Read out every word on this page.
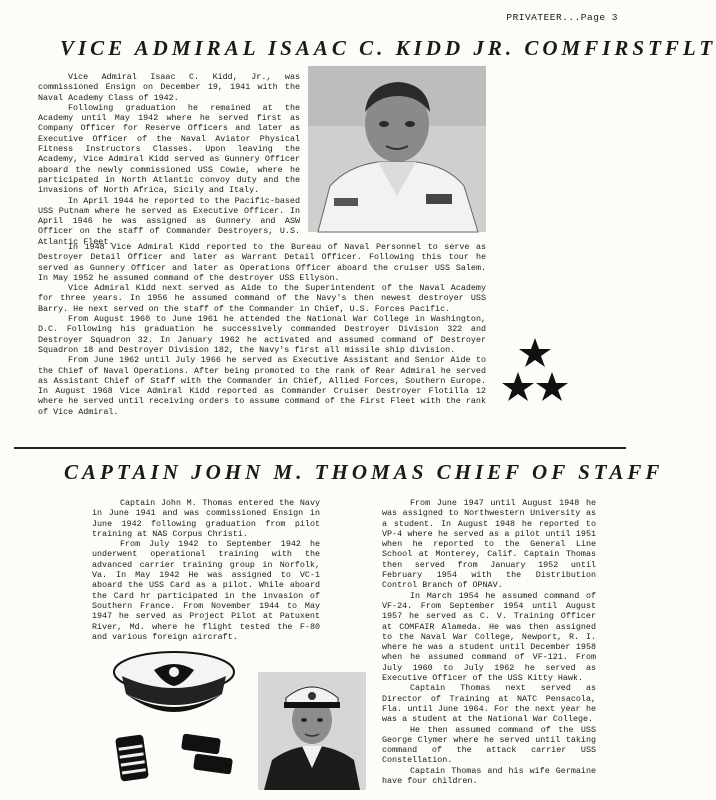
PRIVATEER...Page 3
VICE ADMIRAL ISAAC C. KIDD JR. COMFIRSTFLT

Vice Admiral Isaac C. Kidd, Jr., was commissioned Ensign on December 19, 1941 with the Naval Academy Class of 1942.

Following graduation he remained at the Academy until May 1942 where he served first as Company Officer for Reserve Officers and later as Executive Officer of the Naval Aviator Physical Fitness Instructors Classes. Upon leaving the Academy, Vice Admiral Kidd served as Gunnery Officer aboard the newly commissioned USS Cowie, where he participated in North Atlantic convoy duty and the invasions of North Africa, Sicily and Italy.

In April 1944 he reported to the Pacific-based USS Putnam where he served as Executive Officer. In April 1946 he was assigned as Gunnery and ASW Officer on the staff of Commander Destroyers, U.S. Atlantic Fleet.

In 1948 Vice Admiral Kidd reported to the Bureau of Naval Personnel to serve as Destroyer Detail Officer and later as Warrant Detail Officer. Following this tour he served as Gunnery Officer and later as Operations Officer aboard the cruiser USS Salem. In May 1952 he assumed command of the destroyer USS Ellyson.

Vice Admiral Kidd next served as Aide to the Superintendent of the Naval Academy for three years. In 1956 he assumed command of the Navy's then newest destroyer USS Barry. He next served on the staff of the Commander in Chief, U.S. Forces Pacific.

From August 1960 to June 1961 he attended the National War College in Washington, D.C. Following his graduation he successively commanded Destroyer Division 322 and Destroyer Squadron 32. In January 1962 he activated and assumed command of Destroyer Squadron 18 and Destroyer Division 182, the Navy's first all missile ship division.

From June 1962 until July 1966 he served as Executive Assistant and Senior Aide to the Chief of Naval Operations. After being promoted to the rank of Rear Admiral he served as Assistant Chief of Staff with the Commander in Chief, Allied Forces, Southern Europe. In August 1968 Vice Admiral Kidd reported as Commander Cruiser Destroyer Flotilla 12 where he served until receiving orders to assume command of the First Fleet with the rank of Vice Admiral.

CAPTAIN JOHN M. THOMAS CHIEF OF STAFF

Captain John M. Thomas entered the Navy in June 1941 and was commissioned Ensign in June 1942 following graduation from pilot training at NAS Corpus Christi.

From July 1942 to September 1942 he underwent operational training with the advanced carrier training group in Norfolk, Va. In May 1942 He was assigned to VC-1 aboard the USS Card as a pilot. While aboard the Card hr participated in the invasion of Southern France. From November 1944 to May 1947 he served as Project Pilot at Patuxent River, Md. where he flight tested the F-80 and various foreign aircraft.

From June 1947 until August 1948 he was assigned to Northwestern University as a student. In August 1948 he reported to VP-4 where he served as a pilot until 1951 when he reported to the General Line School at Monterey, Calif. Captain Thomas then served from January 1952 until February 1954 with the Distribution Control Branch of OPNAV.

In March 1954 he assumed command of VF-24. From September 1954 until August 1957 he served as C. V. Training Officer at COMFAIR Alameda. He was then assigned to the Naval War College, Newport, R. I. where he was a student until December 1958 when he assumed command of VF-121. From July 1960 to July 1962 he served as Executive Officer of the USS Kitty Hawk.

Captain Thomas next served as Director of Training at NATC Pensacola, Fla. until June 1964. For the next year he was a student at the National War College.

He then assumed command of the USS George Clymer where he served until taking command of the attack carrier USS Constellation.

Captain Thomas and his wife Germaine have four children.
